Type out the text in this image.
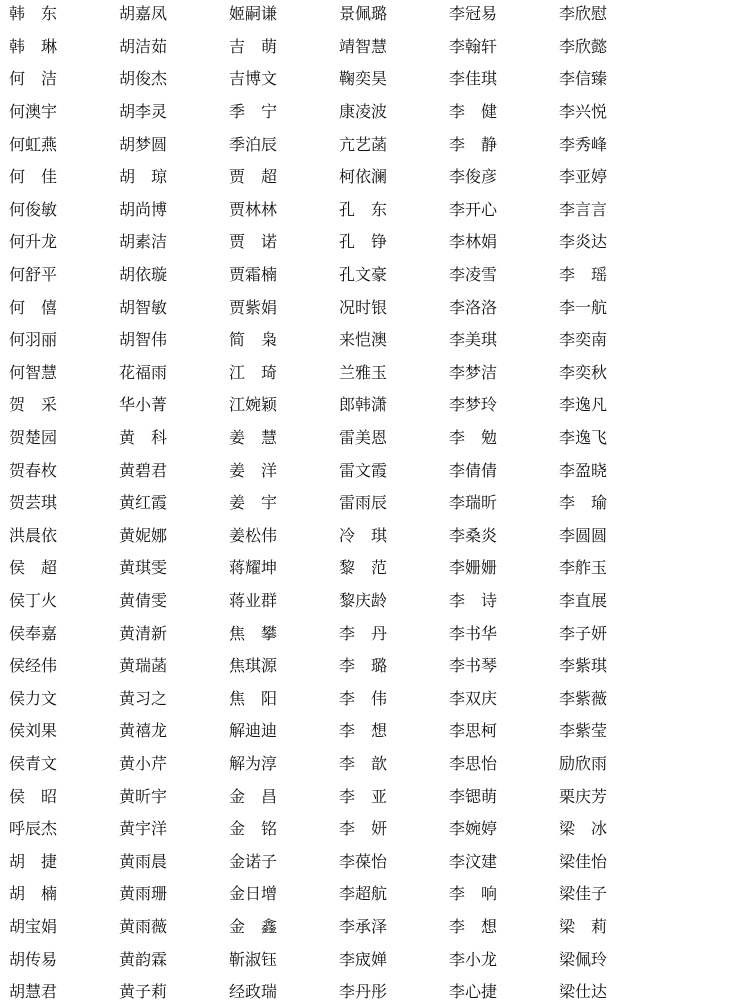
韩　东	胡嘉凤	姬嗣谦	景佩璐	李冠易	李欣慰
韩　琳	胡洁茹	吉　萌	靖智慧	李翰轩	李欣懿
何　洁	胡俊杰	吉博文	鞠奕昊	李佳琪	李信臻
何澳宇	胡李灵	季　宁	康凌波	李　健	李兴悦
何虹燕	胡梦圆	季泊辰	亢艺菡	李　静	李秀峰
何　佳	胡　琼	贾　超	柯依澜	李俊彦	李亚婷
何俊敏	胡尚博	贾林林	孔　东	李开心	李言言
何升龙	胡素洁	贾　诺	孔　铮	李林娟	李炎达
何舒平	胡依璇	贾霜楠	孔文豪	李凌雪	李　瑶
何　僖	胡智敏	贾紫娟	况时银	李洛洛	李一航
何羽丽	胡智伟	简　枭	来恺澳	李美琪	李奕南
何智慧	花福雨	江　琦	兰雅玉	李梦洁	李奕秋
贺　采	华小菁	江婉颖	郎韩潇	李梦玲	李逸凡
贺楚园	黄　科	姜　慧	雷美恩	李　勉	李逸飞
贺春枚	黄碧君	姜　洋	雷文霞	李倩倩	李盈晓
贺芸琪	黄红霞	姜　宇	雷雨辰	李瑞昕	李　瑜
洪晨依	黄妮娜	姜松伟	冷　琪	李桑炎	李圆圆
侯　超	黄琪雯	蒋耀坤	黎　范	李姗姗	李舴玉
侯丁火	黄倩雯	蒋业群	黎庆龄	李　诗	李直展
侯奉嘉	黄清新	焦　攀	李　丹	李书华	李子妍
侯经伟	黄瑞菡	焦琪源	李　璐	李书琴	李紫琪
侯力文	黄习之	焦　阳	李　伟	李双庆	李紫薇
侯刘果	黄禧龙	解迪迪	李　想	李思柯	李紫莹
侯青文	黄小芹	解为淳	李　歆	李思怡	励欣雨
侯　昭	黄昕宇	金　昌	李　亚	李锶萌	栗庆芳
呼辰杰	黄宇洋	金　铭	李　妍	李婉婷	梁　冰
胡　捷	黄雨晨	金诺子	李葆怡	李汶建	梁佳怡
胡　楠	黄雨珊	金日增	李超航	李　响	梁佳子
胡宝娟	黄雨薇	金　鑫	李承泽	李　想	梁　莉
胡传易	黄韵霖	靳淑钰	李宬婵	李小龙	梁佩玲
胡慧君	黄子莉	经政瑞	李丹彤	李心捷	梁仕达
